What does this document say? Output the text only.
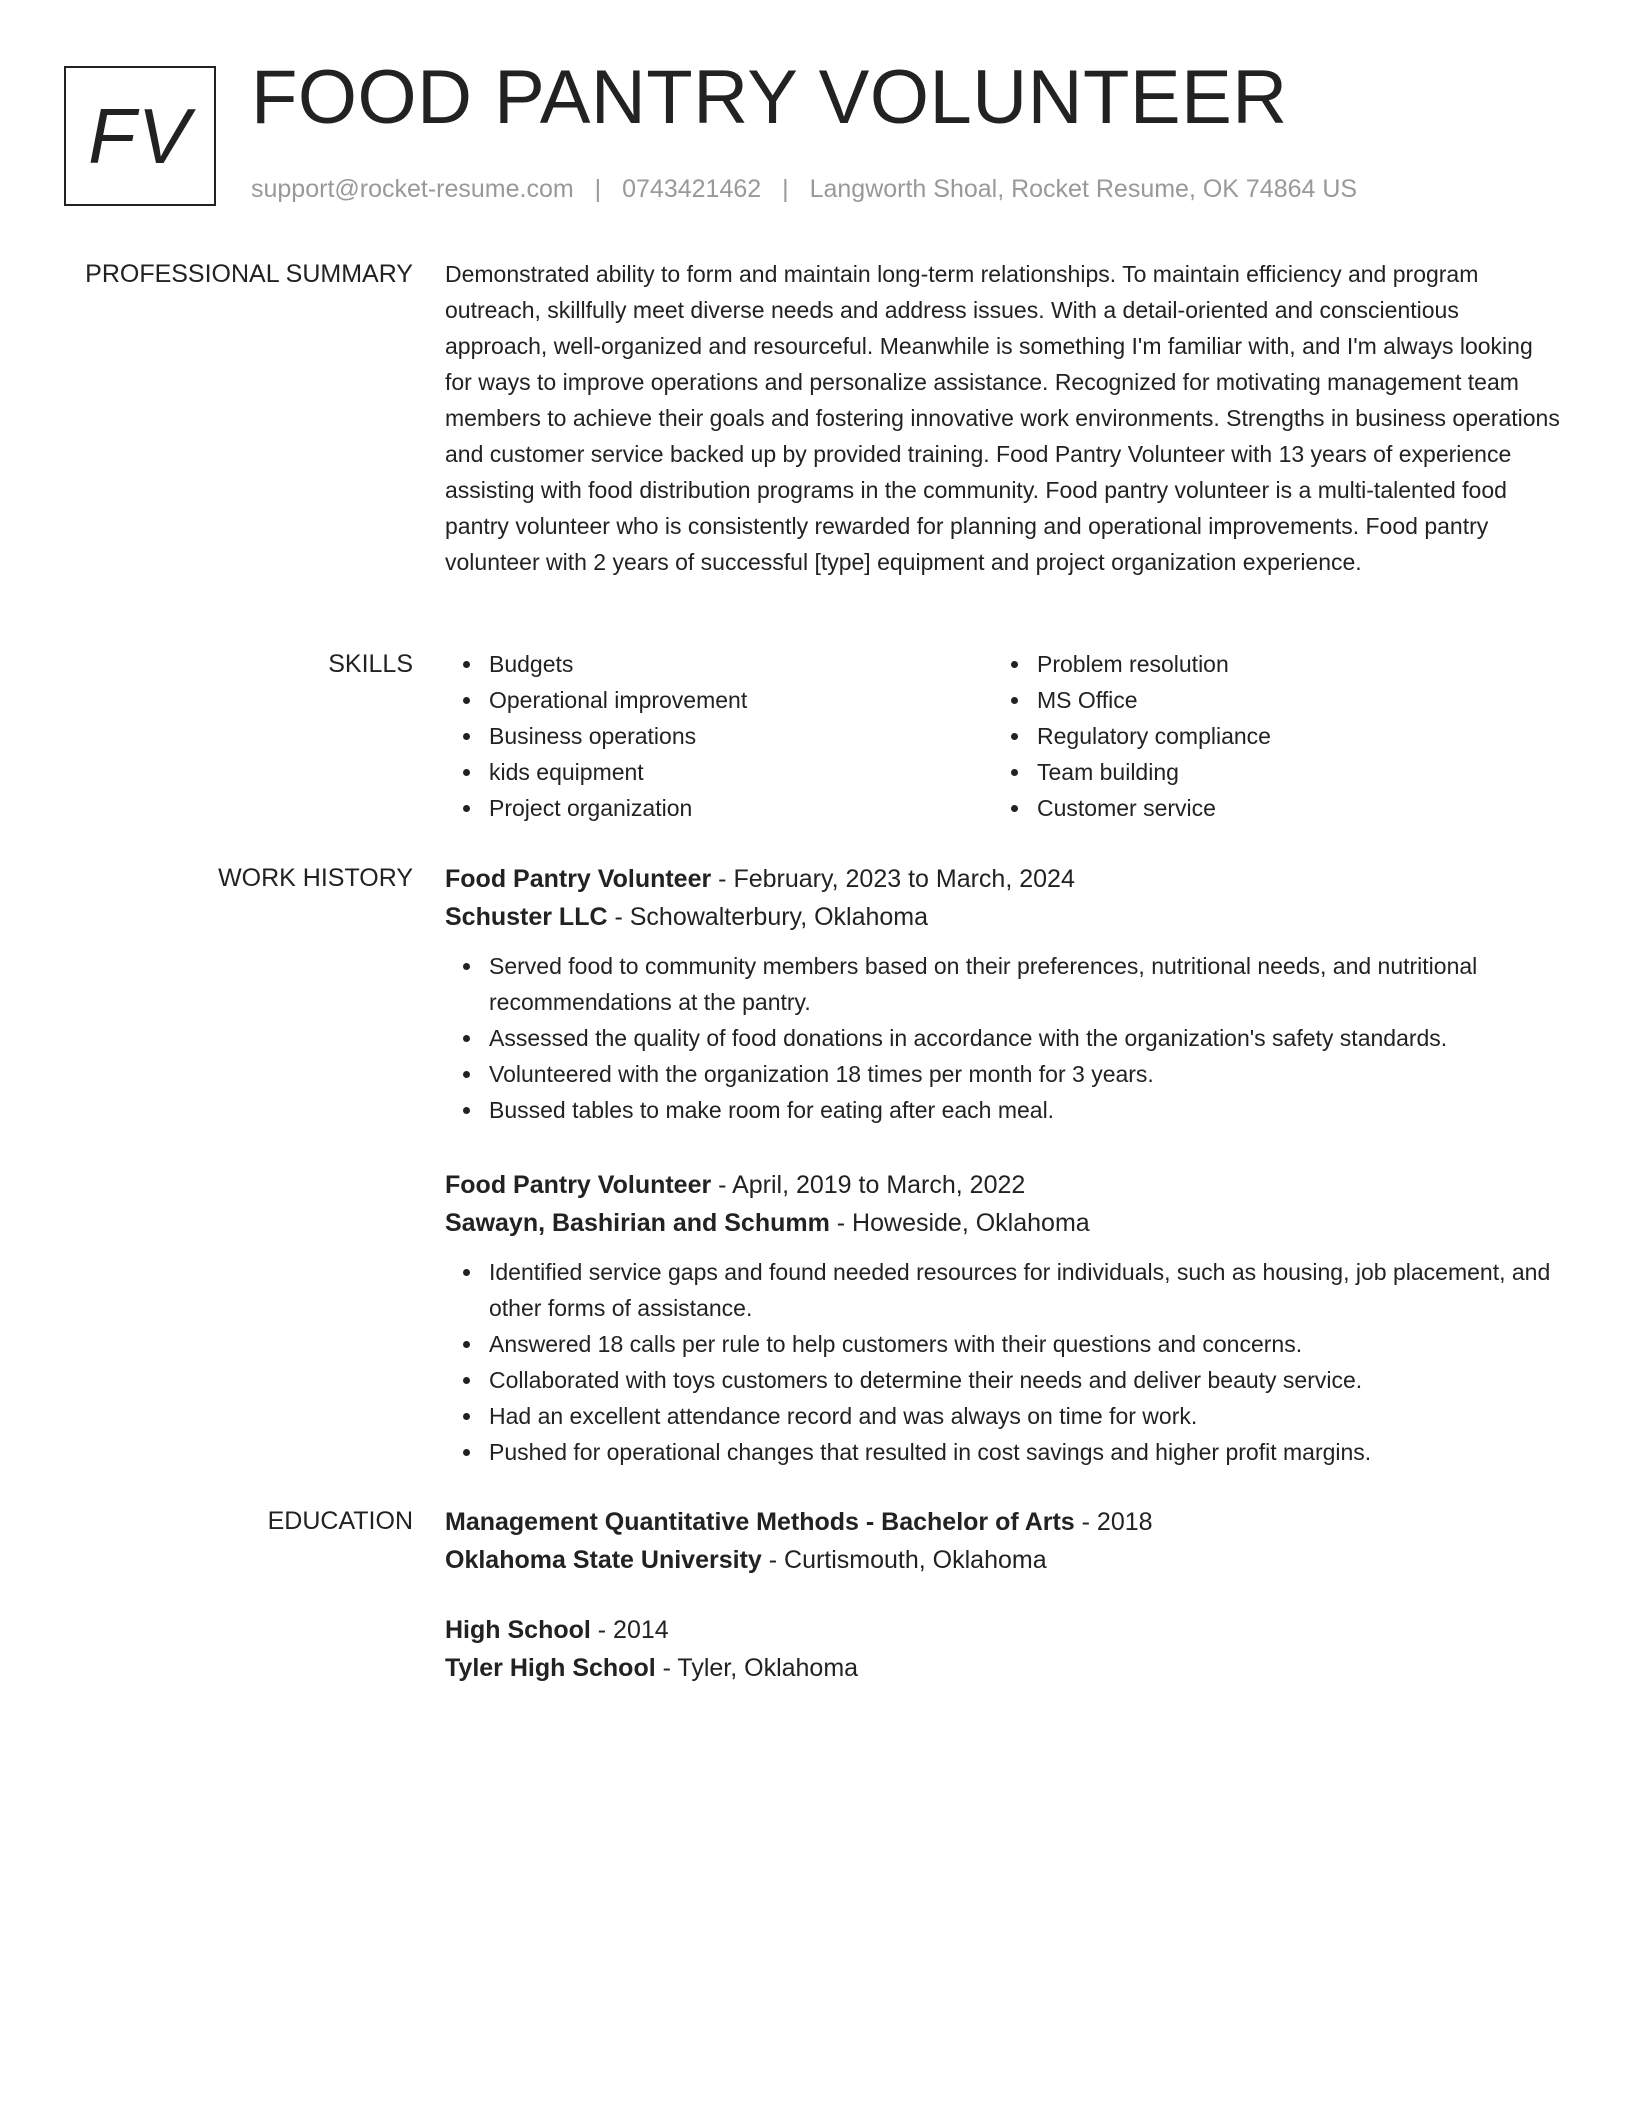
FV FOOD PANTRY VOLUNTEER
support@rocket-resume.com | 0743421462 | Langworth Shoal, Rocket Resume, OK 74864 US
PROFESSIONAL SUMMARY Demonstrated ability to form and maintain long-term relationships. To maintain efficiency and program outreach, skillfully meet diverse needs and address issues. With a detail-oriented and conscientious approach, well-organized and resourceful. Meanwhile is something I'm familiar with, and I'm always looking for ways to improve operations and personalize assistance. Recognized for motivating management team members to achieve their goals and fostering innovative work environments. Strengths in business operations and customer service backed up by provided training. Food Pantry Volunteer with 13 years of experience assisting with food distribution programs in the community. Food pantry volunteer is a multi-talented food pantry volunteer who is consistently rewarded for planning and operational improvements. Food pantry volunteer with 2 years of successful [type] equipment and project organization experience.

SKILLS	Budgets
Operational improvement
Business operations
kids equipment
Project organization
Problem resolution
MS Office
Regulatory compliance
Team building
Customer service
WORK HISTORY Food Pantry Volunteer - February, 2023 to March, 2024
Schuster LLC - Schowalterbury, Oklahoma
Served food to community members based on their preferences, nutritional needs, and nutritional recommendations at the pantry.
Assessed the quality of food donations in accordance with the organization's safety standards.
Volunteered with the organization 18 times per month for 3 years.
Bussed tables to make room for eating after each meal.
Food Pantry Volunteer - April, 2019 to March, 2022
Sawayn, Bashirian and Schumm - Howeside, Oklahoma
Identified service gaps and found needed resources for individuals, such as housing, job placement, and other forms of assistance.
Answered 18 calls per rule to help customers with their questions and concerns.
Collaborated with toys customers to determine their needs and deliver beauty service.
Had an excellent attendance record and was always on time for work.
Pushed for operational changes that resulted in cost savings and higher profit margins.
EDUCATION Management Quantitative Methods - Bachelor of Arts - 2018
Oklahoma State University - Curtismouth, Oklahoma
High School - 2014
Tyler High School - Tyler, Oklahoma
